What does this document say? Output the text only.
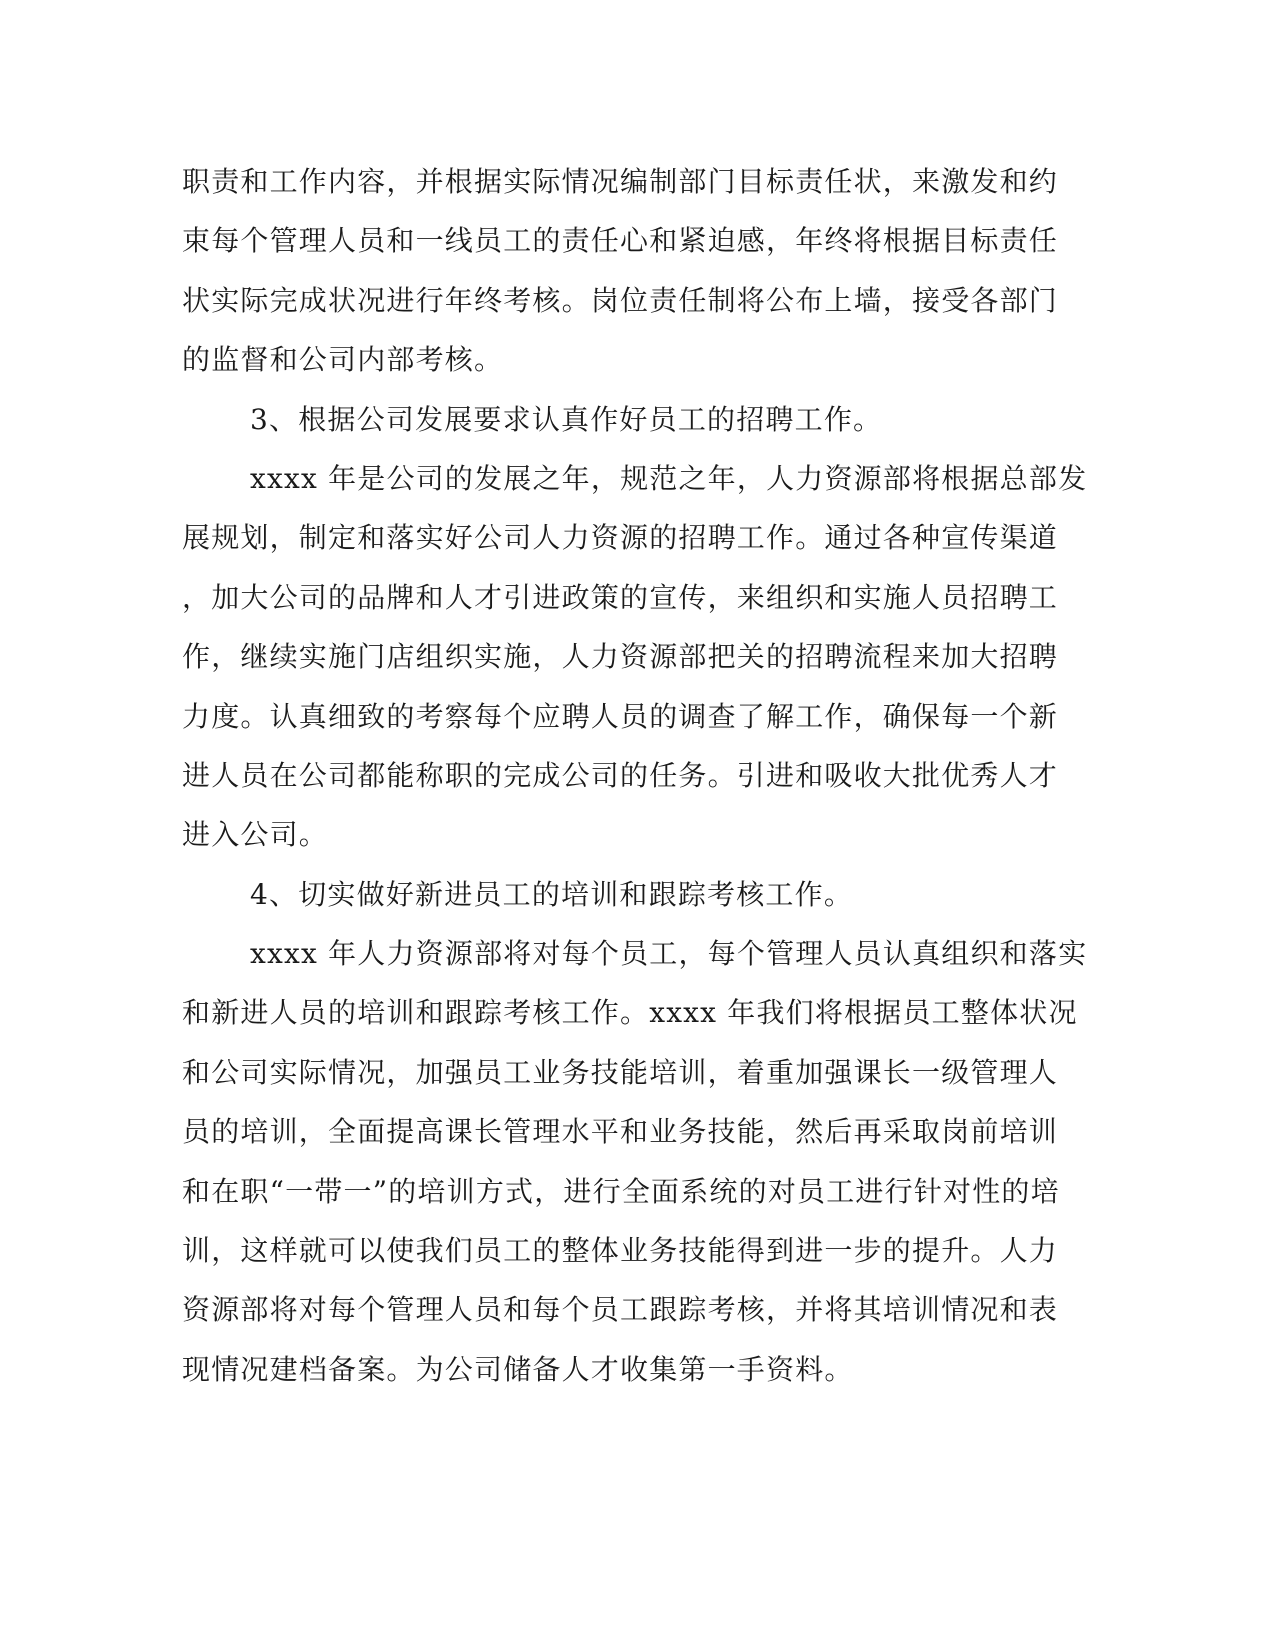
职责和工作内容，并根据实际情况编制部门目标责任状，来激发和约
束每个管理人员和一线员工的责任心和紧迫感，年终将根据目标责任
状实际完成状况进行年终考核。岗位责任制将公布上墙，接受各部门
的监督和公司内部考核。
3、根据公司发展要求认真作好员工的招聘工作。
xxxx 年是公司的发展之年，规范之年，人力资源部将根据总部发
展规划，制定和落实好公司人力资源的招聘工作。通过各种宣传渠道
，加大公司的品牌和人才引进政策的宣传，来组织和实施人员招聘工
作，继续实施门店组织实施，人力资源部把关的招聘流程来加大招聘
力度。认真细致的考察每个应聘人员的调查了解工作，确保每一个新
进人员在公司都能称职的完成公司的任务。引进和吸收大批优秀人才
进入公司。
4、切实做好新进员工的培训和跟踪考核工作。
xxxx 年人力资源部将对每个员工，每个管理人员认真组织和落实
和新进人员的培训和跟踪考核工作。xxxx 年我们将根据员工整体状况
和公司实际情况，加强员工业务技能培训，着重加强课长一级管理人
员的培训，全面提高课长管理水平和业务技能，然后再采取岗前培训
和在职“一带一”的培训方式，进行全面系统的对员工进行针对性的培
训，这样就可以使我们员工的整体业务技能得到进一步的提升。人力
资源部将对每个管理人员和每个员工跟踪考核，并将其培训情况和表
现情况建档备案。为公司储备人才收集第一手资料。
